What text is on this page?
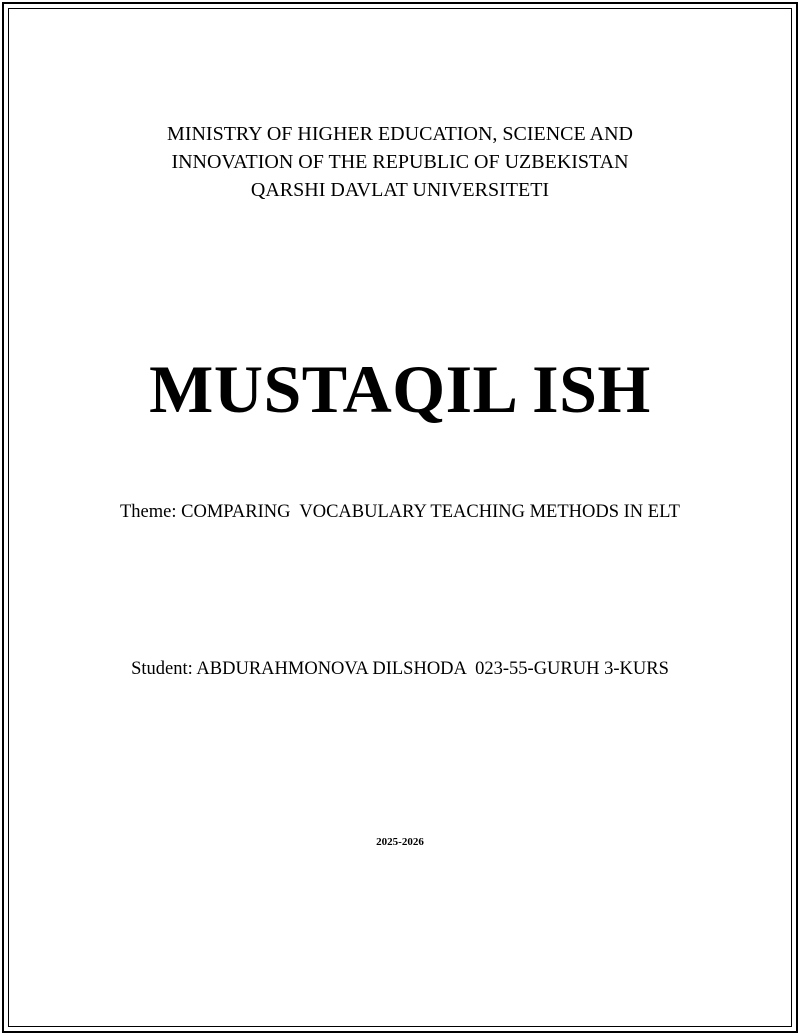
MINISTRY OF HIGHER EDUCATION, SCIENCE AND
INNOVATION OF THE REPUBLIC OF UZBEKISTAN
QARSHI DAVLAT UNIVERSITETI
MUSTAQIL ISH
Theme: COMPARING  VOCABULARY TEACHING METHODS IN ELT
Student: ABDURAHMONOVA DILSHODA  023-55-GURUH 3-KURS
2025-2026
